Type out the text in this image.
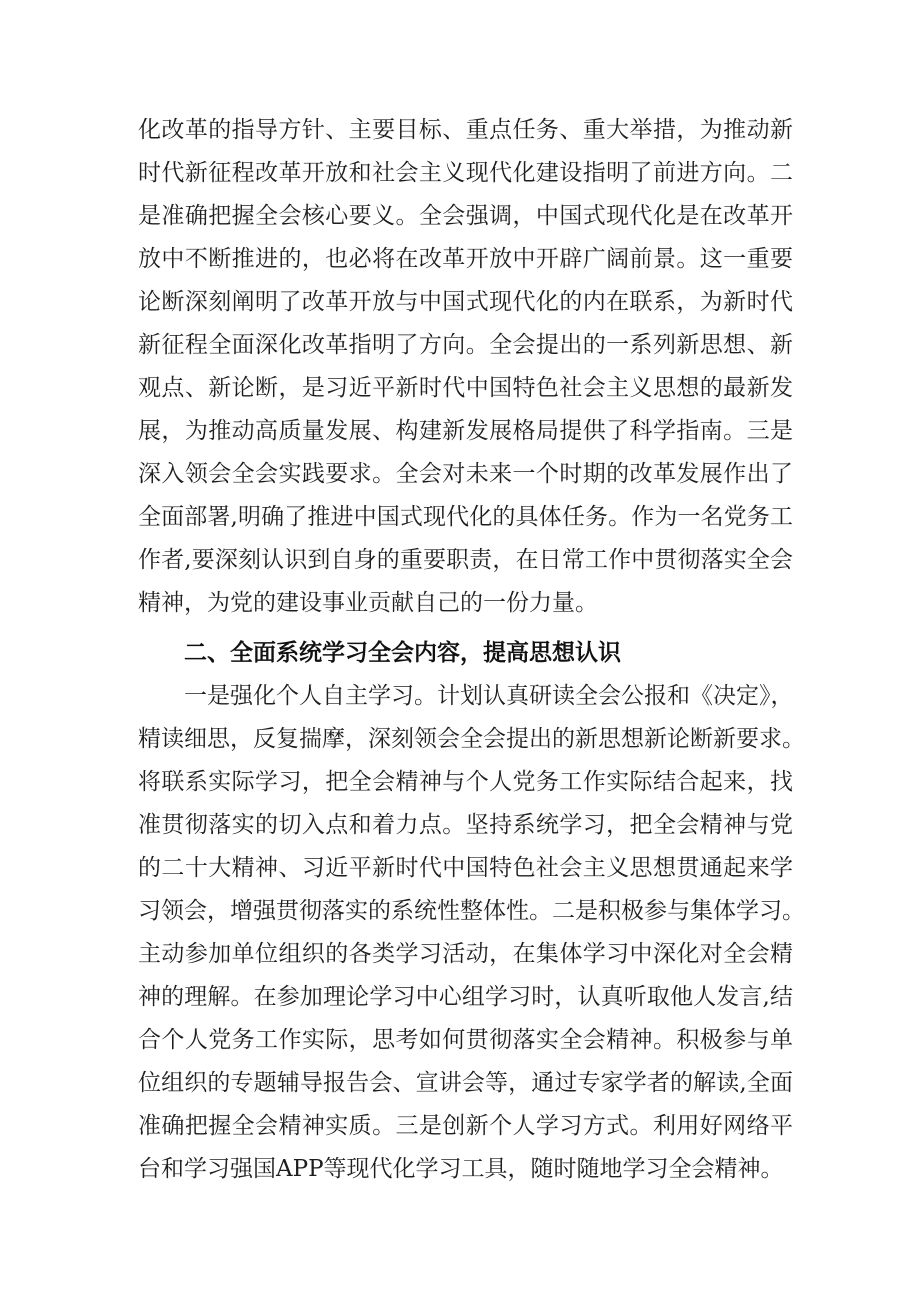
化改革的指导方针、主要目标、重点任务、重大举措，为推动新
时代新征程改革开放和社会主义现代化建设指明了前进方向。二
是准确把握全会核心要义。全会强调，中国式现代化是在改革开
放中不断推进的，也必将在改革开放中开辟广阔前景。这一重要
论断深刻阐明了改革开放与中国式现代化的内在联系，为新时代
新征程全面深化改革指明了方向。全会提出的一系列新思想、新
观点、新论断，是习近平新时代中国特色社会主义思想的最新发
展，为推动高质量发展、构建新发展格局提供了科学指南。三是
深入领会全会实践要求。全会对未来一个时期的改革发展作出了
全面部署,明确了推进中国式现代化的具体任务。作为一名党务工
作者,要深刻认识到自身的重要职责，在日常工作中贯彻落实全会
精神，为党的建设事业贡献自己的一份力量。
二、全面系统学习全会内容，提高思想认识
一是强化个人自主学习。计划认真研读全会公报和《决定》，
精读细思，反复揣摩，深刻领会全会提出的新思想新论断新要求。
将联系实际学习，把全会精神与个人党务工作实际结合起来，找
准贯彻落实的切入点和着力点。坚持系统学习，把全会精神与党
的二十大精神、习近平新时代中国特色社会主义思想贯通起来学
习领会，增强贯彻落实的系统性整体性。二是积极参与集体学习。
主动参加单位组织的各类学习活动，在集体学习中深化对全会精
神的理解。在参加理论学习中心组学习时，认真听取他人发言,结
合个人党务工作实际，思考如何贯彻落实全会精神。积极参与单
位组织的专题辅导报告会、宣讲会等，通过专家学者的解读,全面
准确把握全会精神实质。三是创新个人学习方式。利用好网络平
台和学习强国APP等现代化学习工具，随时随地学习全会精神。
